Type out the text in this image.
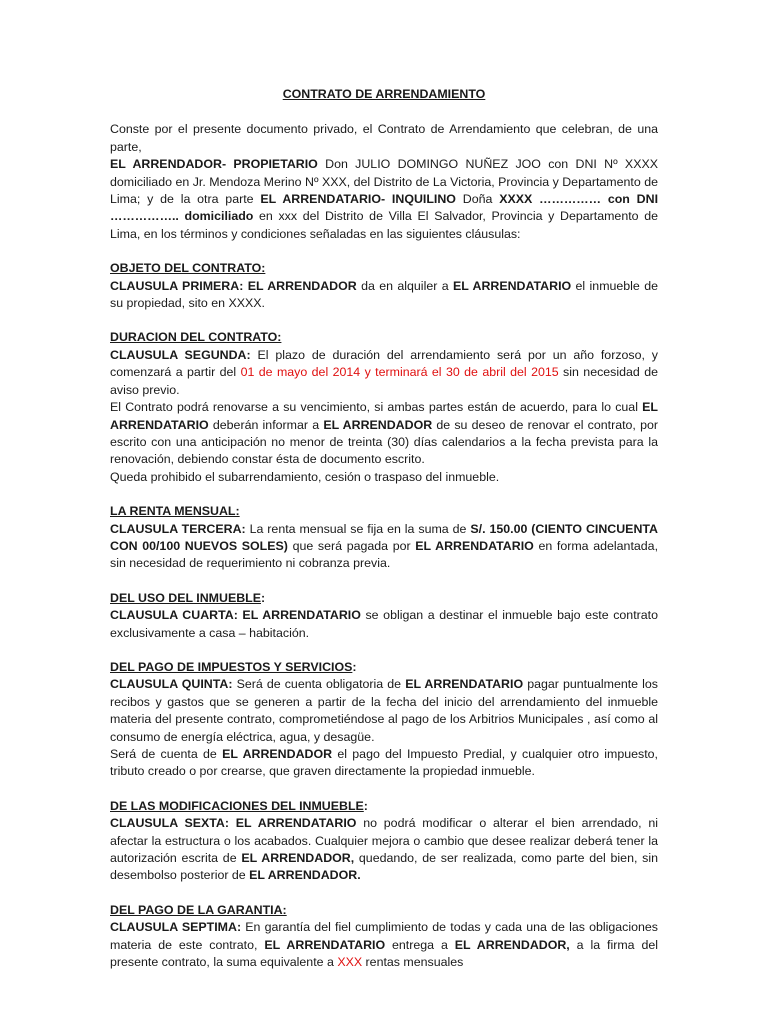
CONTRATO DE ARRENDAMIENTO

Conste por el presente documento privado, el Contrato de Arrendamiento que celebran, de una parte,
EL ARRENDADOR- PROPIETARIO Don JULIO DOMINGO NUÑEZ JOO con DNI Nº XXXX domiciliado en Jr. Mendoza Merino Nº XXX, del Distrito de La Victoria, Provincia y Departamento de Lima; y de la otra parte EL ARRENDATARIO- INQUILINO Doña XXXX …………… con DNI …………….. domiciliado en xxx del Distrito de Villa El Salvador, Provincia y Departamento de Lima, en los términos y condiciones señaladas en las siguientes cláusulas:

OBJETO DEL CONTRATO:

CLAUSULA PRIMERA: EL ARRENDADOR da en alquiler a EL ARRENDATARIO el inmueble de su propiedad, sito en XXXX.

DURACION DEL CONTRATO:

CLAUSULA SEGUNDA: El plazo de duración del arrendamiento será por un año forzoso, y comenzará a partir del 01 de mayo del 2014 y terminará el 30 de abril del 2015 sin necesidad de aviso previo.
El Contrato podrá renovarse a su vencimiento, si ambas partes están de acuerdo, para lo cual EL ARRENDATARIO deberán informar a EL ARRENDADOR de su deseo de renovar el contrato, por escrito con una anticipación no menor de treinta (30) días calendarios a la fecha prevista para la renovación, debiendo constar ésta de documento escrito.
Queda prohibido el subarrendamiento, cesión o traspaso del inmueble.

LA RENTA MENSUAL:

CLAUSULA TERCERA: La renta mensual se fija en la suma de S/. 150.00 (CIENTO CINCUENTA CON 00/100 NUEVOS SOLES) que será pagada por EL ARRENDATARIO en forma adelantada, sin necesidad de requerimiento ni cobranza previa.

DEL USO DEL INMUEBLE:

CLAUSULA CUARTA: EL ARRENDATARIO se obligan a destinar el inmueble bajo este contrato exclusivamente a casa – habitación.

DEL PAGO DE IMPUESTOS Y SERVICIOS:

CLAUSULA QUINTA: Será de cuenta obligatoria de EL ARRENDATARIO pagar puntualmente los recibos y gastos que se generen a partir de la fecha del inicio del arrendamiento del inmueble materia del presente contrato, comprometiéndose al pago de los Arbitrios Municipales , así como al consumo de energía eléctrica, agua, y desagüe.
Será de cuenta de EL ARRENDADOR el pago del Impuesto Predial, y cualquier otro impuesto, tributo creado o por crearse, que graven directamente la propiedad inmueble.

DE LAS MODIFICACIONES DEL INMUEBLE:

CLAUSULA SEXTA: EL ARRENDATARIO no podrá modificar o alterar el bien arrendado, ni afectar la estructura o los acabados. Cualquier mejora o cambio que desee realizar deberá tener la autorización escrita de EL ARRENDADOR, quedando, de ser realizada, como parte del bien, sin desembolso posterior de EL ARRENDADOR.

DEL PAGO DE LA GARANTIA:

CLAUSULA SEPTIMA: En garantía del fiel cumplimiento de todas y cada una de las obligaciones materia de este contrato, EL ARRENDATARIO entrega a EL ARRENDADOR, a la firma del presente contrato, la suma equivalente a XXX rentas mensuales
